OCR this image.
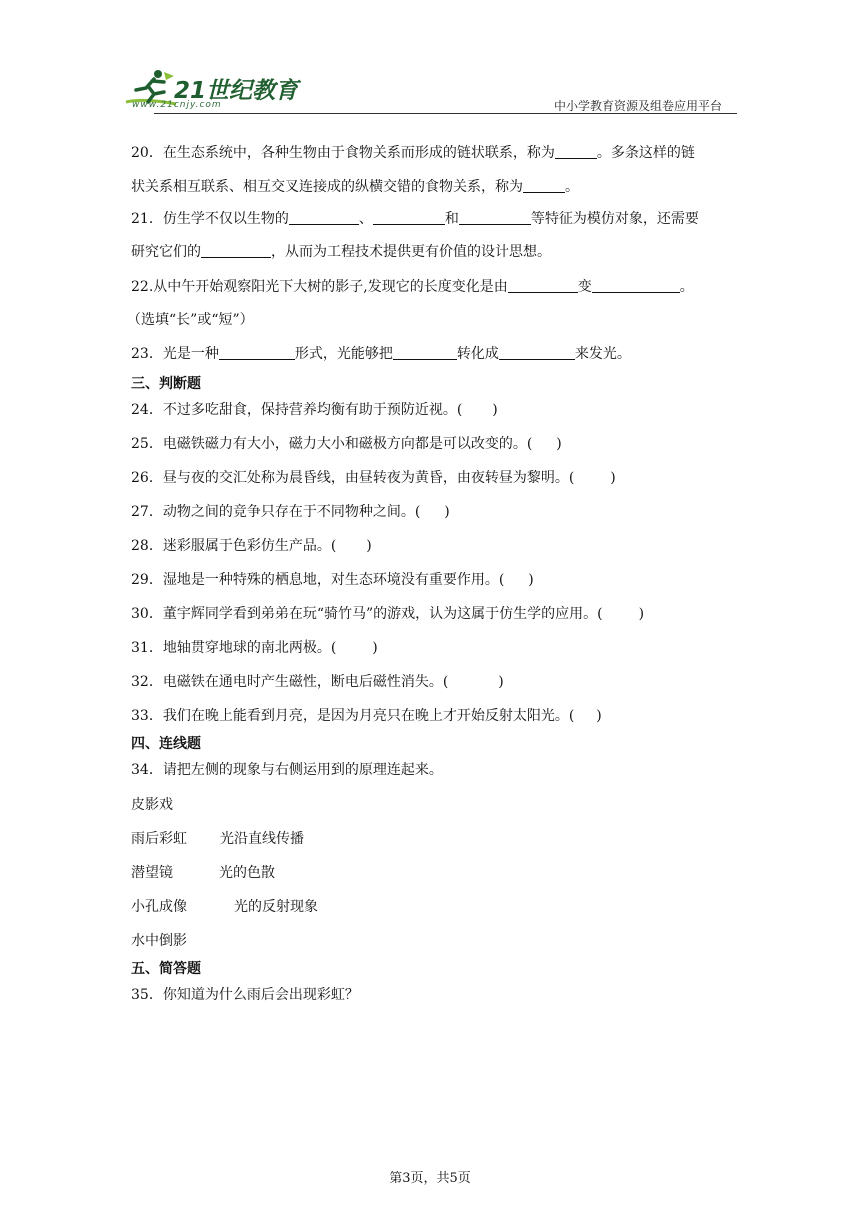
21世纪教育
www.21cnjy.com	中小学教育资源及组卷应用平台
20．在生态系统中，各种生物由于食物关系而形成的链状联系，称为	。多条这样的链
状关系相互联系、相互交叉连接成的纵横交错的食物关系，称为	。
21．仿生学不仅以生物的	、	和	等特征为模仿对象，还需要
研究它们的	，从而为工程技术提供更有价值的设计思想。
22.从中午开始观察阳光下大树的影子,发现它的长度变化是由	变	。
（选填“长”或“短”）
23．光是一种	形式，光能够把	转化成	来发光。
三、判断题
24．不过多吃甜食，保持营养均衡有助于预防近视。( )
25．电磁铁磁力有大小，磁力大小和磁极方向都是可以改变的。( )
26．昼与夜的交汇处称为晨昏线，由昼转夜为黄昏，由夜转昼为黎明。(	)
27．动物之间的竞争只存在于不同物种之间。( )
28．迷彩服属于色彩仿生产品。( )
29．湿地是一种特殊的栖息地，对生态环境没有重要作用。( )
30．董宇辉同学看到弟弟在玩“骑竹马”的游戏，认为这属于仿生学的应用。(	)
31．地轴贯穿地球的南北两极。(	)
32．电磁铁在通电时产生磁性，断电后磁性消失。(	)
33．我们在晚上能看到月亮，是因为月亮只在晚上才开始反射太阳光。( )
四、连线题
34．请把左侧的现象与右侧运用到的原理连起来。
皮影戏
雨后彩虹
潜望镜
小孔成像
水中倒影
光沿直线传播
光的色散
光的反射现象
五、简答题
35．你知道为什么雨后会出现彩虹？
第3页，共5页
